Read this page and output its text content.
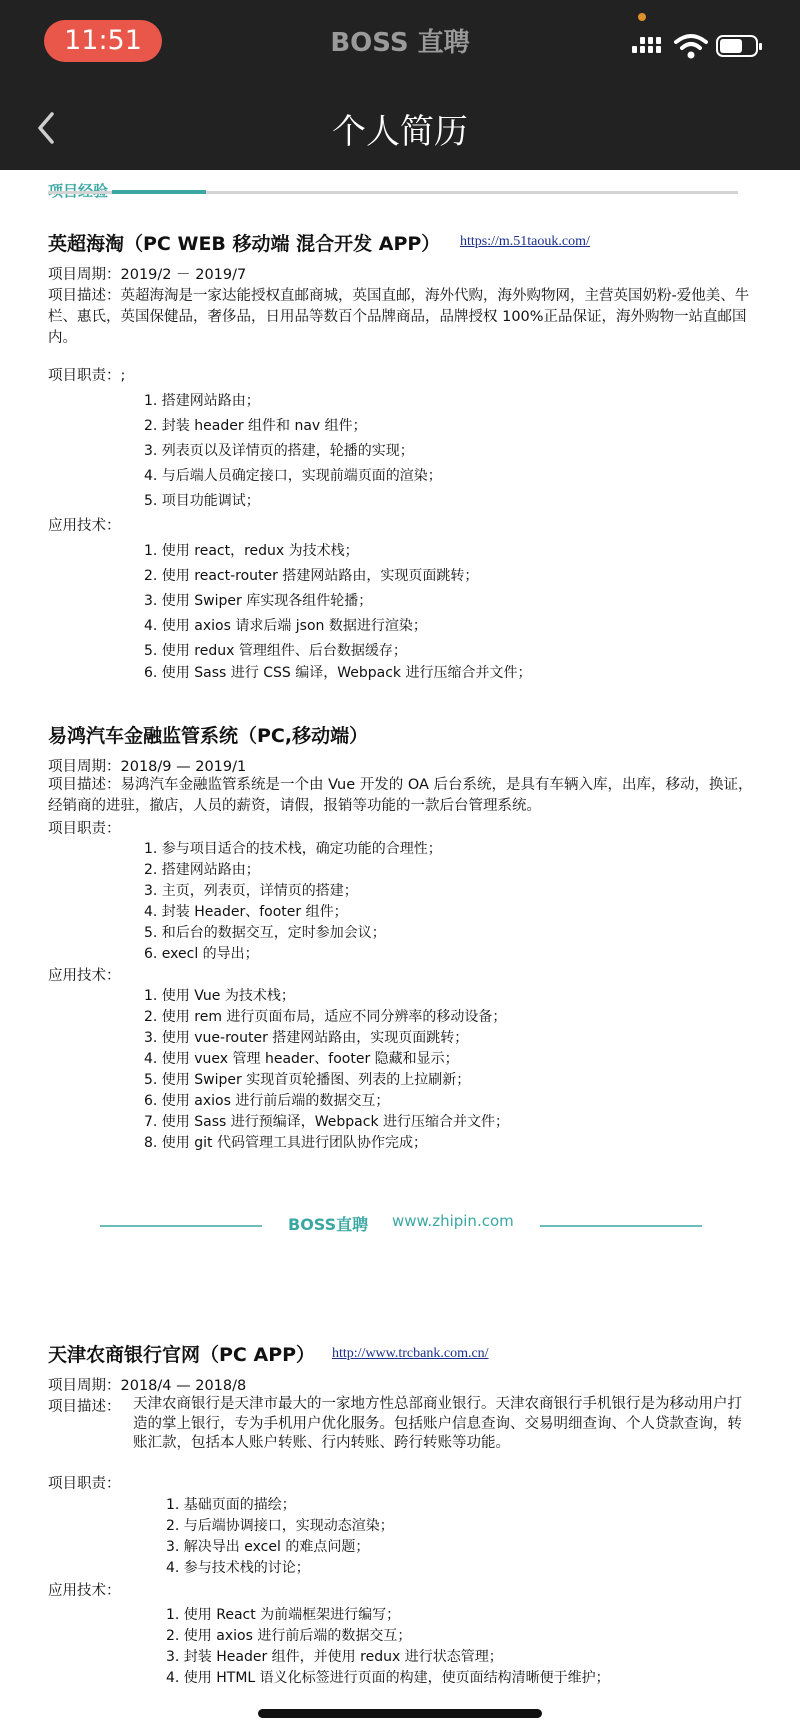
11:51	BOSS 直聘
个人简历
英超海淘（PC WEB 移动端 混合开发 APP） https://m.51taouk.com/
项目周期：2019/2 － 2019/7
项目描述：英超海淘是一家达能授权直邮商城，英国直邮，海外代购，海外购物网，主营英国奶粉-爱他美、牛栏、惠氏，英国保健品，奢侈品，日用品等数百个品牌商品，品牌授权 100%正品保证，海外购物一站直邮国内。
项目职责：;
1. 搭建网站路由；
2. 封装 header 组件和 nav 组件；
3. 列表页以及详情页的搭建，轮播的实现；
4. 与后端人员确定接口，实现前端页面的渲染；
5. 项目功能调试；
应用技术：
1. 使用 react，redux 为技术栈；
2. 使用 react-router 搭建网站路由，实现页面跳转；
3. 使用 Swiper 库实现各组件轮播；
4. 使用 axios 请求后端 json 数据进行渲染；
5. 使用 redux 管理组件、后台数据缓存；
6. 使用 Sass 进行 CSS 编译，Webpack 进行压缩合并文件；
易鸿汽车金融监管系统（PC,移动端）
项目周期：2018/9 — 2019/1
项目描述：易鸿汽车金融监管系统是一个由 Vue 开发的 OA 后台系统，是具有车辆入库，出库，移动，换证，经销商的进驻，撤店，人员的薪资，请假，报销等功能的一款后台管理系统。
项目职责：
1. 参与项目适合的技术栈，确定功能的合理性；
2. 搭建网站路由；
3. 主页，列表页，详情页的搭建；
4. 封装 Header、footer 组件；
5. 和后台的数据交互，定时参加会议；
6. execl 的导出；
应用技术：
1. 使用 Vue 为技术栈；
2. 使用 rem 进行页面布局，适应不同分辨率的移动设备；
3. 使用 vue-router 搭建网站路由，实现页面跳转；
4. 使用 vuex 管理 header、footer 隐藏和显示；
5. 使用 Swiper 实现首页轮播图、列表的上拉刷新；
6. 使用 axios 进行前后端的数据交互；
7. 使用 Sass 进行预编译，Webpack 进行压缩合并文件；
8. 使用 git 代码管理工具进行团队协作完成；
BOSS直聘 www.zhipin.com
天津农商银行官网（PC APP） http://www.trcbank.com.cn/
项目周期：2018/4 — 2018/8
项目描述： 天津农商银行是天津市最大的一家地方性总部商业银行。天津农商银行手机银行是为移动用户打造的掌上银行，专为手机用户优化服务。包括账户信息查询、交易明细查询、个人贷款查询，转账汇款，包括本人账户转账、行内转账、跨行转账等功能。
项目职责：
1. 基础页面的描绘；
2. 与后端协调接口，实现动态渲染；
3. 解决导出 excel 的难点问题；
4. 参与技术栈的讨论；
应用技术：
1. 使用 React 为前端框架进行编写；
2. 使用 axios 进行前后端的数据交互；
3. 封装 Header 组件，并使用 redux 进行状态管理；
4. 使用 HTML 语义化标签进行页面的构建，使页面结构清晰便于维护；
